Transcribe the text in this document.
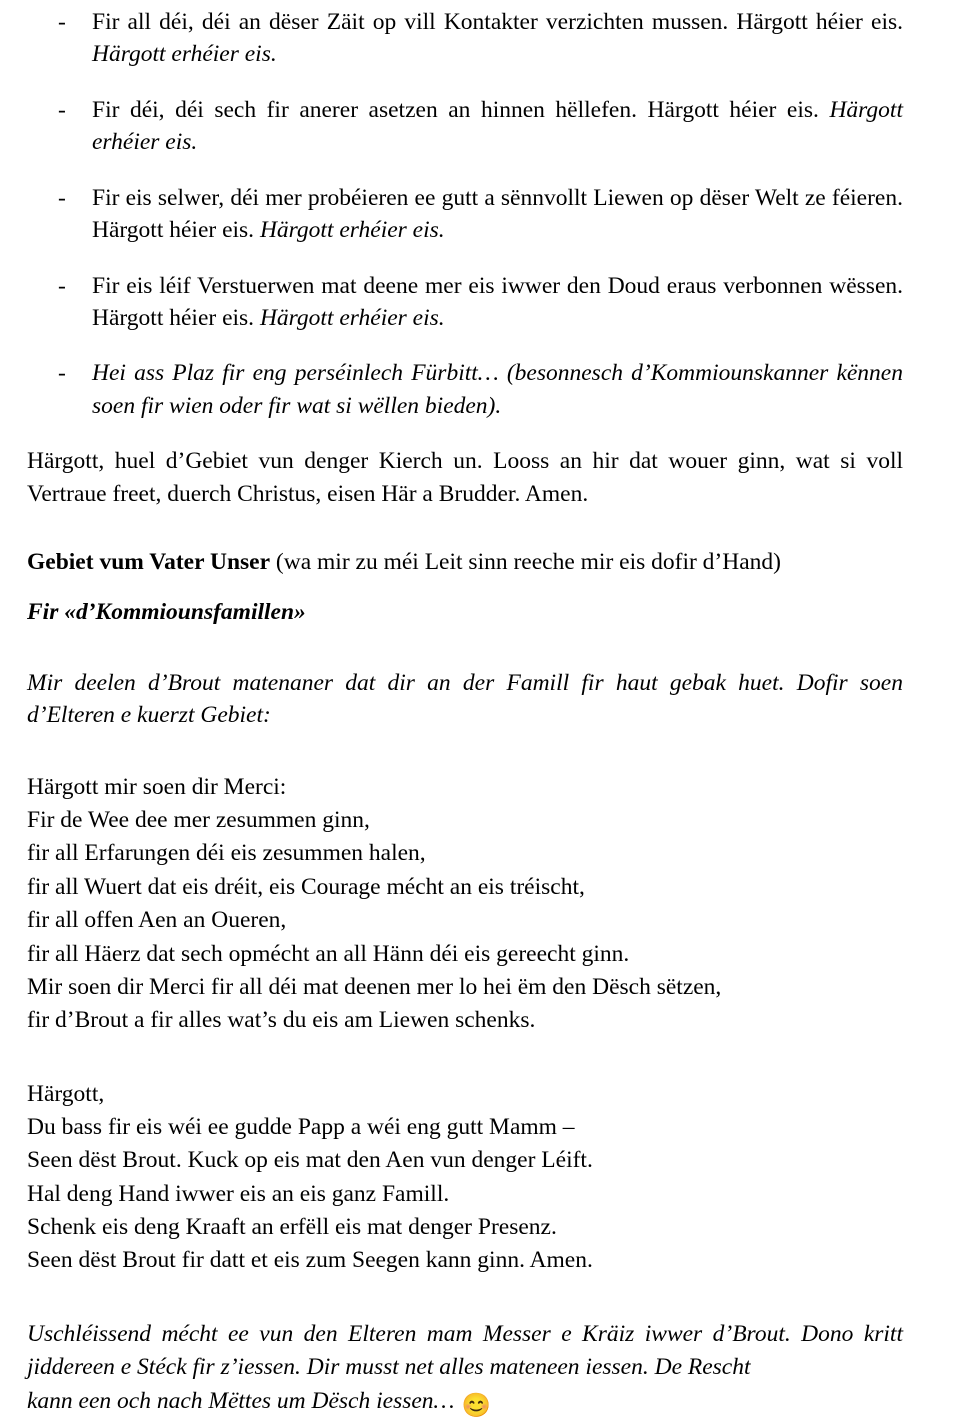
- Fir all déi, déi an dëser Zäit op vill Kontakter verzichten mussen. Härgott héier eis. Härgott erhéier eis.
- Fir déi, déi sech fir anerer asetzen an hinnen hëllefen. Härgott héier eis. Härgott erhéier eis.
- Fir eis selwer, déi mer probéieren ee gutt a sënnvollt Liewen op dëser Welt ze féieren. Härgott héier eis. Härgott erhéier eis.
- Fir eis léif Verstuerwen mat deene mer eis iwwer den Doud eraus verbonnen wëssen. Härgott héier eis. Härgott erhéier eis.
- Hei ass Plaz fir eng perséinlech Fürbitt… (besonnesch d’Kommiounskanner kënnen soen fir wien oder fir wat si wëllen bieden).

Härgott, huel d’Gebiet vun denger Kierch un. Looss an hir dat wouer ginn, wat si voll Vertraue freet, duerch Christus, eisen Här a Brudder. Amen.

Gebiet vum Vater Unser (wa mir zu méi Leit sinn reeche mir eis dofir d’Hand)

Fir «d’Kommiounsfamillen»

Mir deelen d’Brout matenaner dat dir an der Famill fir haut gebak huet. Dofir soen d’Elteren e kuerzt Gebiet:

Härgott mir soen dir Merci:
Fir de Wee dee mer zesummen ginn,
fir all Erfarungen déi eis zesummen halen,
fir all Wuert dat eis dréit, eis Courage mécht an eis tréischt,
fir all offen Aen an Oueren,
fir all Häerz dat sech opmécht an all Hänn déi eis gereecht ginn.
Mir soen dir Merci fir all déi mat deenen mer lo hei ëm den Dësch sëtzen,
fir d’Brout a fir alles wat’s du eis am Liewen schenks.
Härgott,
Du bass fir eis wéi ee gudde Papp a wéi eng gutt Mamm –
Seen dëst Brout. Kuck op eis mat den Aen vun denger Léift.
Hal deng Hand iwwer eis an eis ganz Famill.
Schenk eis deng Kraaft an erfëll eis mat denger Presenz.
Seen dëst Brout fir datt et eis zum Seegen kann ginn. Amen.

Uschléissend mécht ee vun den Elteren mam Messer e Kräiz iwwer d’Brout. Dono kritt jiddereen e Stéck fir z’iessen. Dir musst net alles mateneen iessen. De Rescht
kann een och nach Mëttes um Dësch iessen… 😊
